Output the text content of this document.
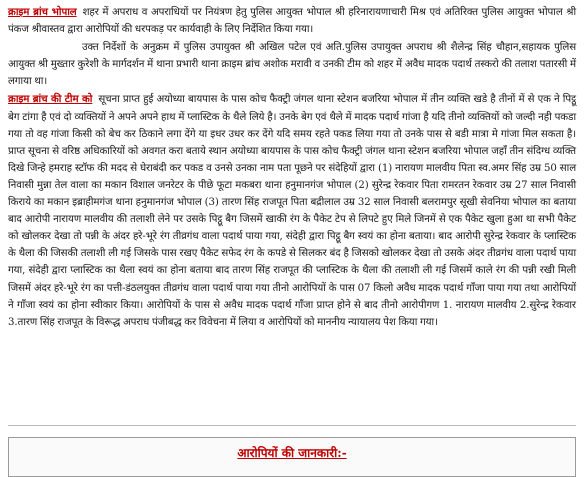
क्राइम ब्रांच भोपाल शहर में अपराध व अपराधियों पर नियंत्रण हेतु पुलिस आयुक्त भोपाल श्री हरिनारायणाचारी मिश्र एवं अतिरिक्त पुलिस आयुक्त भोपाल श्री पंकज श्रीवास्तव द्वारा आरोपियों की धरपकड़ पर कार्यवाही के लिए निर्देशित किया गया।

उक्त निर्देशों के अनुक्रम में पुलिस उपायुक्त श्री अखिल पटेल एवं अति.पुलिस उपायुक्त अपराध श्री शैलेन्द्र सिंह चौहान,सहायक पुलिस आयुक्त श्री मुख्तार कुरेशी के मार्गदर्शन में थाना प्रभारी थाना क्राइम ब्रांच अशोक मरावी व उनकी टीम को शहर में अवैध मादक पदार्थ तस्करो की तलाश पतारसी में लगाया था।

क्राइम ब्रांच की टीम को सूचना प्राप्त हुई अयोध्या बायपास के पास कोच फैक्ट्री जंगल थाना स्टेशन बजरिया भोपाल में तीन व्यक्ति खडे है तीनों में से एक ने पिट्ठू बेग टांगा है एवं दो व्यक्तियों ने अपने अपने हाथ में प्लास्टिक के थैले लिये है। उनके बेग एवं थैले में मादक पदार्थ गांजा है यदि तीनो व्यक्तियों को जल्दी नही पकडा गया तो वह गांजा किसी को बेच कर ठिकाने लगा देंगे या इधर उधर कर देंगे यदि समय रहते पकड लिया गया तो उनके पास से बडी मात्रा मे गांजा मिल सकता है। प्राप्त सूचना से वरिष्ठ अधिकारियों को अवगत करा बताये स्थान अयोध्या बायपास के पास कोच फैक्ट्री जंगल थाना स्टेशन बजरिया भोपाल जहाँ तीन संदिग्ध व्यक्ति दिखे जिन्हे हमराह स्टॉफ की मदद से घेराबंदी कर पकड व उनसे उनका नाम पता पूछने पर संदेहियों द्वारा (1) नारायण मालवीय पिता स्व.अमर सिंह उम्र 50 साल निवासी मुन्ना तेल वाला का मकान विशाल जनरेटर के पीछे फूटा मकबरा थाना हनुमानगंज भोपाल (2) सुरेन्द्र रेकवार पिता रामरतन रेकवार उम्र 27 साल निवासी किराये का मकान इब्राहीमगंज थाना हनुमानगंज भोपाल (3) तारण सिंह राजपूत पिता बद्रीलाल उम्र 32 साल निवासी बलरामपुर सूखी सेवनिया भोपाल का बताया बाद आरोपी नारायण मालवीय की तलाशी लेने पर उसके पिट्ठू बैग जिसमें खाकी रंग के पैकेट टेप से लिपटे हुए मिले जिनमें से एक पैकेट खुला हुआ था सभी पैकेट को खोलकर देखा तो पन्नी के अंदर हरे-भूरे रंग तीव्रगंध वाला पदार्थ पाया गया, संदेही द्वारा पिट्ठू बैग स्वयं का होना बताया। बाद आरोपी सुरेन्द्र रेकवार के प्लास्टिक के थैला की जिसकी तलाशी ली गई जिसके पास रखए पैकेट सफेद रंग के कपडे से सिलकर बंद है जिसको खोलकर देखा तो उसके अंदर तीव्रगंध वाला पदार्थ पाया गया, संदेही द्वारा प्लास्टिक का थैला स्वयं का होना बताया बाद तारण सिंह राजपूत की प्लास्टिक के थैला की तलाशी ली गई जिसमें काले रंग की पन्नी रखी मिली जिसमें अंदर हरे-भूरे रंग का पत्ती-डंठलयुक्त तीव्रगंध वाला पदार्थ पाया गया तीनो आरोपियों के पास 07 किलो अवैध मादक पदार्थ गाँजा पाया गया तथा आरोपियों ने गाँजा स्वयं का होना स्वीकार किया। आरोपियों के पास से अवैध मादक पदार्थ गाँजा प्राप्त होने से बाद तीनो आरोपीगण 1. नारायण मालवीय 2.सुरेन्द्र रेकवार 3.तारण सिंह राजपूत के विरूद्ध अपराध पंजीबद्ध कर विवेचना में लिया व आरोपियों को माननीय न्यायालय पेश किया गया।

आरोपियों की जानकारी:-
